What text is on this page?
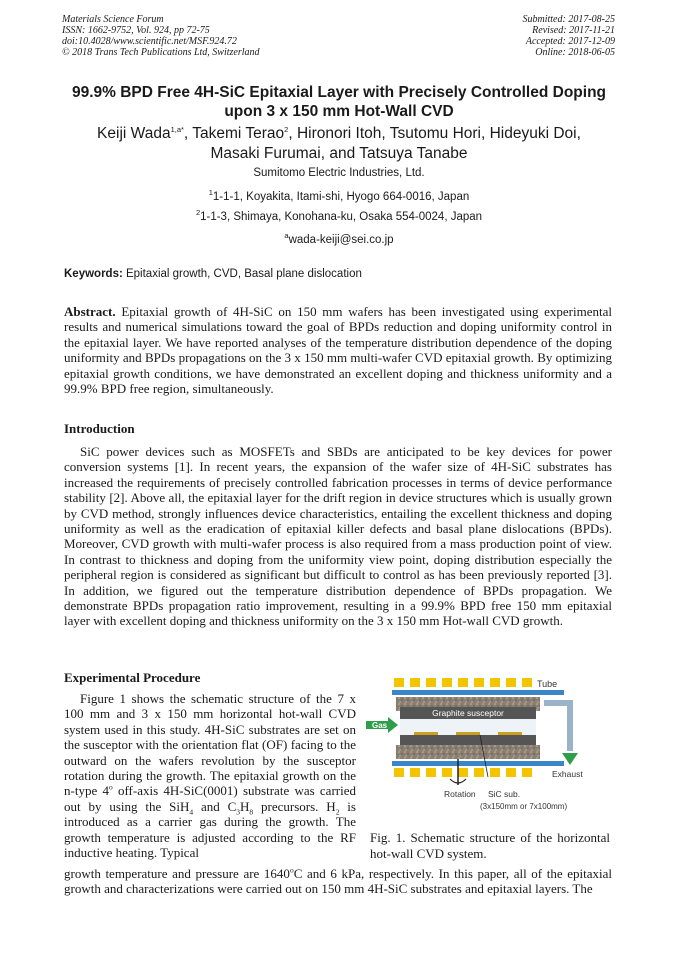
Materials Science Forum
ISSN: 1662-9752, Vol. 924, pp 72-75
doi:10.4028/www.scientific.net/MSF.924.72
© 2018 Trans Tech Publications Ltd, Switzerland
Submitted: 2017-08-25
Revised: 2017-11-21
Accepted: 2017-12-09
Online: 2018-06-05
99.9% BPD Free 4H-SiC Epitaxial Layer with Precisely Controlled Doping
upon 3 x 150 mm Hot-Wall CVD
Keiji Wada$^{1,a*}$, Takemi Terao$^2$, Hironori Itoh, Tsutomu Hori, Hideyuki Doi,
Masaki Furumai, and Tatsuya Tanabe
Sumitomo Electric Industries, Ltd.
$^1$1-1-1, Koyakita, Itami-shi, Hyogo 664-0016, Japan
$^2$1-1-3, Shimaya, Konohana-ku, Osaka 554-0024, Japan
$^a$wada-keiji@sei.co.jp
Keywords: Epitaxial growth, CVD, Basal plane dislocation

Abstract. Epitaxial growth of 4H-SiC on 150 mm wafers has been investigated using experimental results and numerical simulations toward the goal of BPDs reduction and doping uniformity control in the epitaxial layer. We have reported analyses of the temperature distribution dependence of the doping uniformity and BPDs propagations on the 3 x 150 mm multi-wafer CVD epitaxial growth. By optimizing epitaxial growth conditions, we have demonstrated an excellent doping and thickness uniformity and a 99.9% BPD free region, simultaneously.

Introduction

SiC power devices such as MOSFETs and SBDs are anticipated to be key devices for power conversion systems [1]. In recent years, the expansion of the wafer size of 4H-SiC substrates has increased the requirements of precisely controlled fabrication processes in terms of device performance stability [2]. Above all, the epitaxial layer for the drift region in device structures which is usually grown by CVD method, strongly influences device characteristics, entailing the excellent thickness and doping uniformity as well as the eradication of epitaxial killer defects and basal plane dislocations (BPDs). Moreover, CVD growth with multi-wafer process is also required from a mass production point of view. In contrast to thickness and doping from the uniformity view point, doping distribution especially the peripheral region is considered as significant but difficult to control as has been previously reported [3]. In addition, we figured out the temperature distribution dependence of BPDs propagation. We demonstrate BPDs propagation ratio improvement, resulting in a 99.9% BPD free 150 mm epitaxial layer with excellent doping and thickness uniformity on the 3 x 150 mm Hot-wall CVD growth.

Experimental Procedure

Figure 1 shows the schematic structure of the 7 x 100 mm and 3 x 150 mm horizontal hot-wall CVD system used in this study. 4H-SiC substrates are set on the susceptor with the orientation flat (OF) facing to the outward on the wafers revolution by the susceptor rotation during the growth. The epitaxial growth on the n-type 4$^o$ off-axis 4H-SiC(0001) substrate was carried out by using the SiH$_4$ and $C_3H_8$ precursors. $H_2$ is introduced as a carrier gas during the growth. The growth temperature is adjusted according to the RF inductive heating. Typical

growth temperature and pressure are 1640$^o$C and 6 kPa, respectively. In this paper, all of the epitaxial growth and characterizations were carried out on 150 mm 4H-SiC substrates and epitaxial layers. The

Tube
Graphite susceptor
Gas
Exhaust
Rotation SiC sub.
(3x150mm or 7x100mm)
Fig. 1. Schematic structure of the horizontal hot-wall CVD system.
